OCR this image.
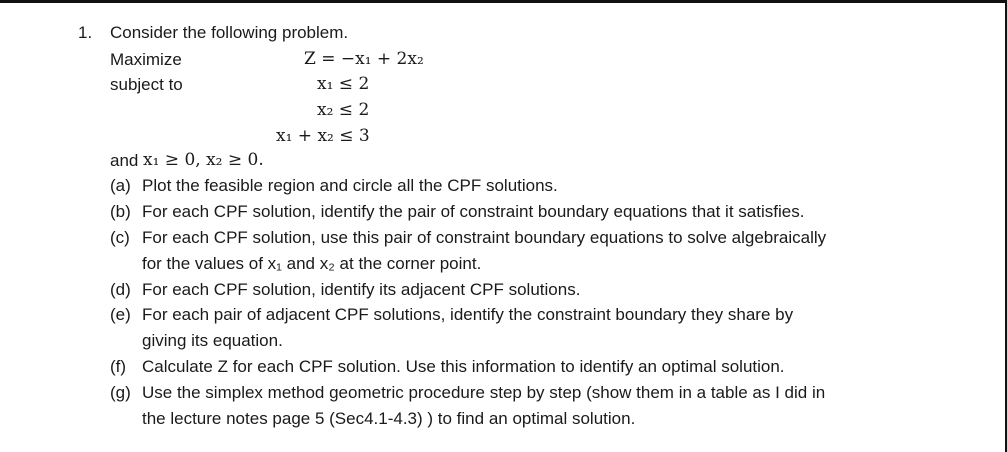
1. Consider the following problem.
Maximize	Z = −x₁ + 2x₂
subject to	x₁ ≤ 2
x₂ ≤ 2
x₁ + x₂ ≤ 3
and x₁ ≥ 0, x₂ ≥ 0.
(a) Plot the feasible region and circle all the CPF solutions.
(b) For each CPF solution, identify the pair of constraint boundary equations that it satisfies.
(c) For each CPF solution, use this pair of constraint boundary equations to solve algebraically
for the values of x₁ and x₂ at the corner point.
(d) For each CPF solution, identify its adjacent CPF solutions.
(e) For each pair of adjacent CPF solutions, identify the constraint boundary they share by
giving its equation.
(f) Calculate Z for each CPF solution. Use this information to identify an optimal solution.
(g) Use the simplex method geometric procedure step by step (show them in a table as I did in
the lecture notes page 5 (Sec4.1-4.3) ) to find an optimal solution.
